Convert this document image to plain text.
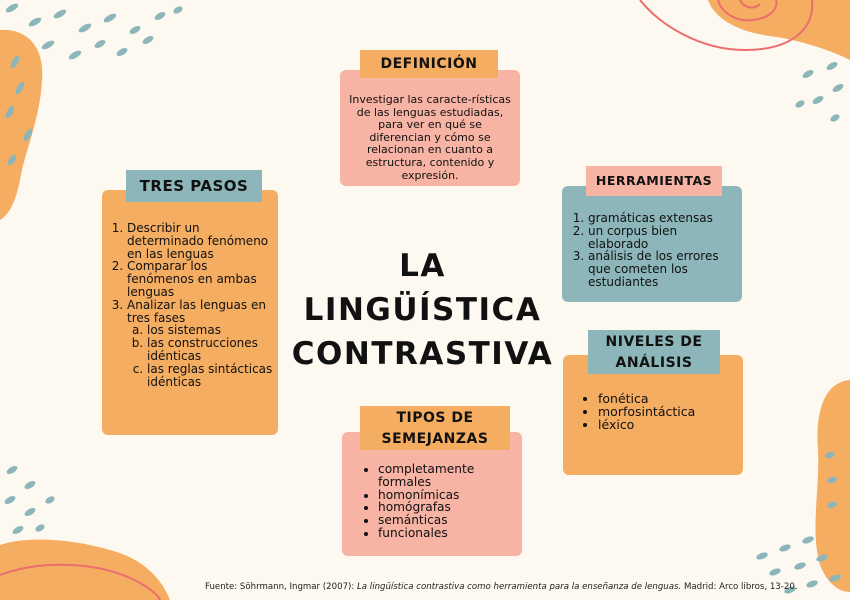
LA LINGÜÍSTICA CONTRASTIVA
DEFINICIÓN
Investigar las caracte-rísticas de las lenguas estudiadas, para ver en qué se diferencian y cómo se relacionan en cuanto a estructura, contenido y expresión.
TRES PASOS
1. Describir un determinado fenómeno en las lenguas
2. Comparar los fenómenos en ambas lenguas
3. Analizar las lenguas en tres fases
a. los sistemas
b. las construcciones idénticas
c. las reglas sintácticas idénticas
HERRAMIENTAS
1. gramáticas extensas
2. un corpus bien elaborado
3. análisis de los errores que cometen los estudiantes
NIVELES DE
ANÁLISIS
• fonética
• morfosintáctica
• léxico
TIPOS DE
SEMEJANZAS
• completamente formales
• homonímicas
• homógrafas
• semánticas
• funcionales
Fuente: Söhrmann, Ingmar (2007): La lingüística contrastiva como herramienta para la enseñanza de lenguas. Madrid: Arco libros, 13-20.
